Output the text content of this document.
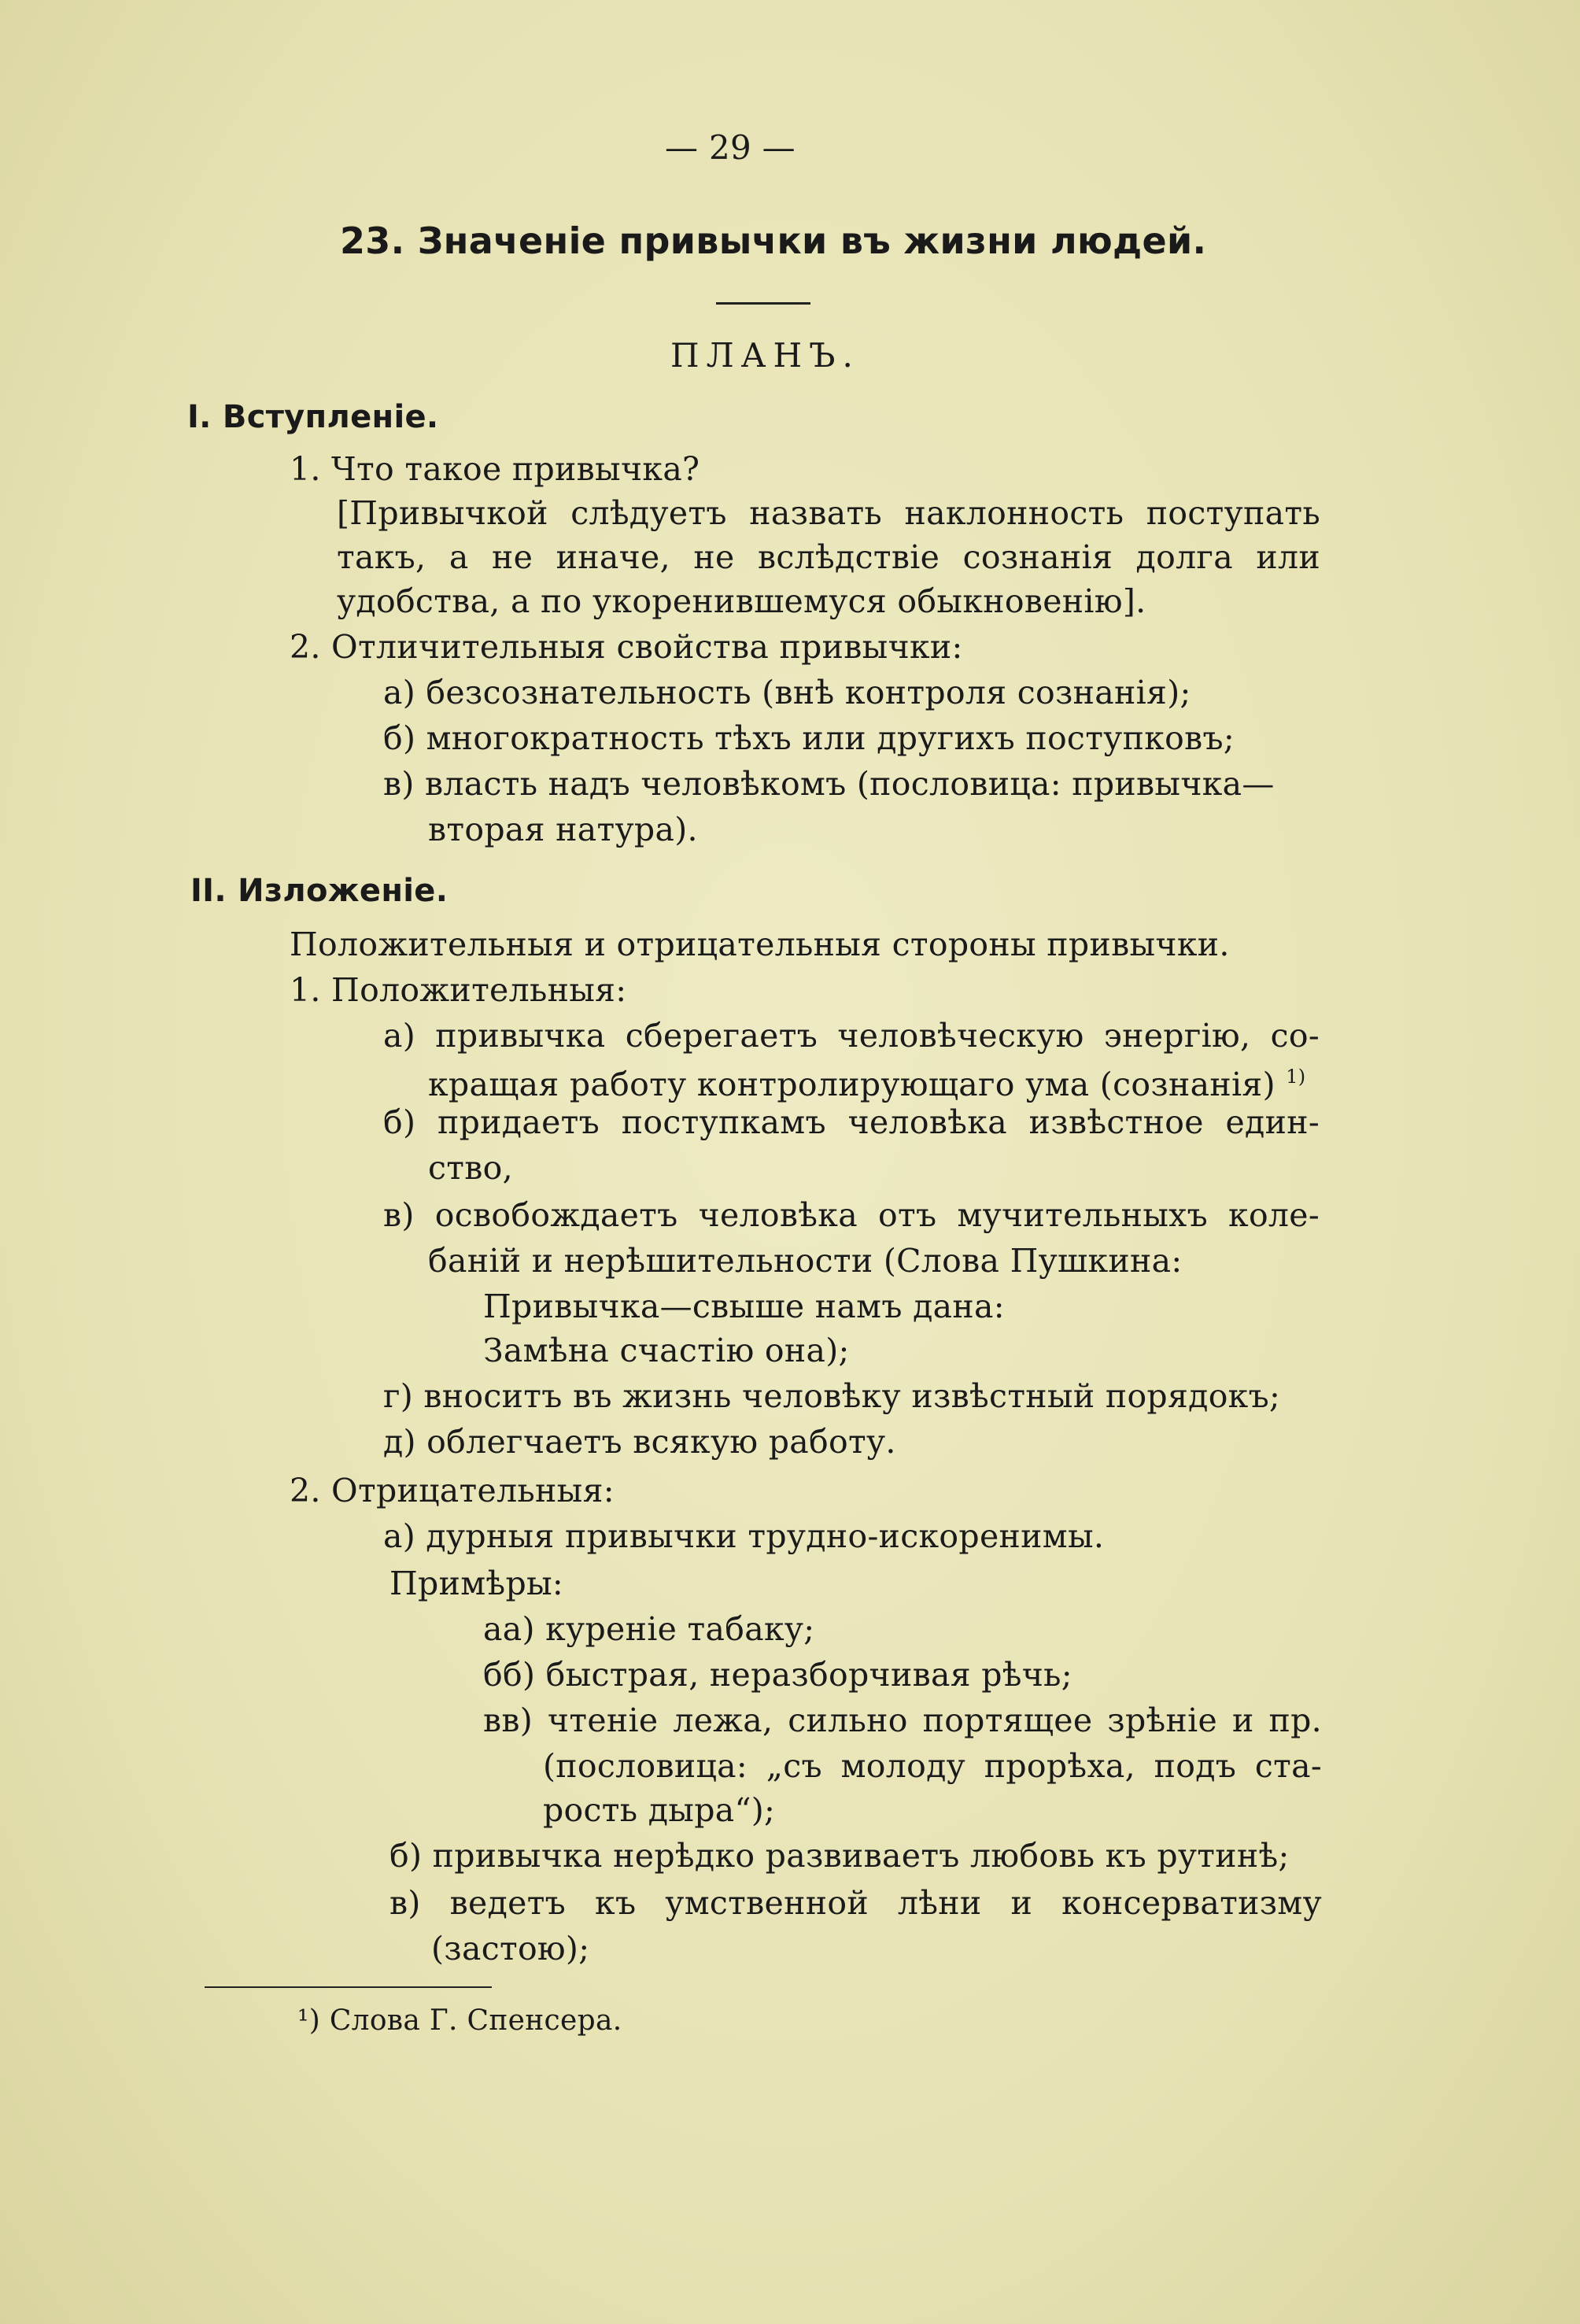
— 29 —
23. Значеніе привычки въ жизни людей.
ПЛАНЪ.
I. Вступленіе.
1. Что такое привычка?
[Привычкой слѣдуетъ назвать наклонность поступать
такъ, а не иначе, не вслѣдствіе сознанія долга или
удобства, а по укоренившемуся обыкновенію].
2. Отличительныя свойства привычки:
а) безсознательность (внѣ контроля сознанія);
б) многократность тѣхъ или другихъ поступковъ;
в) власть надъ человѣкомъ (пословица: привычка—
вторая натура).
II. Изложеніе.
Положительныя и отрицательныя стороны привычки.
1. Положительныя:
а) привычка сберегаетъ человѣческую энергію, со-
кращая работу контролирующаго ума (сознанія) $^{1)}$
б) придаетъ поступкамъ человѣка извѣстное един-
ство,
в) освобождаетъ человѣка отъ мучительныхъ коле-
баній и нерѣшительности (Слова Пушкина:
Привычка—свыше намъ дана:
Замѣна счастію она);
г) вноситъ въ жизнь человѣку извѣстный порядокъ;
д) облегчаетъ всякую работу.
2. Отрицательныя:
а) дурныя привычки трудно-искоренимы.
Примѣры:
аа) куреніе табаку;
бб) быстрая, неразборчивая рѣчь;
вв) чтеніе лежа, сильно портящее зрѣніе и пр.
(пословица: „съ молоду прорѣха, подъ ста-
рость дыра“);
б) привычка нерѣдко развиваетъ любовь къ рутинѣ;
в) ведетъ къ умственной лѣни и консерватизму
(застою);
¹) Слова Г. Спенсера.
